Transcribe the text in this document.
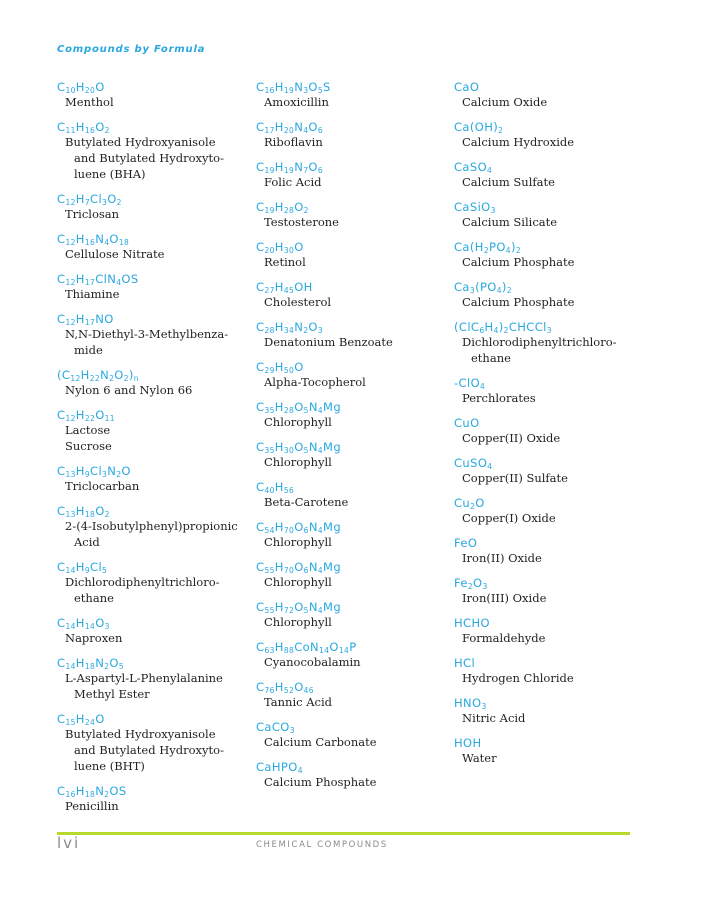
Compounds by Formula
$C_{10}H_{20}O$
Menthol
$C_{11}H_{16}O_2$
Butylated Hydroxyanisole
and Butylated Hydroxyto-
luene (BHA)
$C_{12}H_7Cl_3O_2$
Triclosan
$C_{12}H_{16}N_4O_{18}$
Cellulose Nitrate
$C_{12}H_{17}ClN_4OS$
Thiamine
$C_{12}H_{17}NO$
N,N-Diethyl-3-Methylbenza-
mide
$(C_{12}H_{22}N_2O_2)_n$
Nylon 6 and Nylon 66
$C_{12}H_{22}O_{11}$
Lactose
Sucrose
$C_{13}H_9Cl_3N_2O$
Triclocarban
$C_{13}H_{18}O_2$
2-(4-Isobutylphenyl)propionic
Acid
$C_{14}H_9Cl_5$
Dichlorodiphenyltrichloro-
ethane
$C_{14}H_{14}O_3$
Naproxen
$C_{14}H_{18}N_2O_5$
L-Aspartyl-L-Phenylalanine
Methyl Ester
$C_{15}H_{24}O$
Butylated Hydroxyanisole
and Butylated Hydroxyto-
luene (BHT)
$C_{16}H_{18}N_2OS$
Penicillin
$C_{16}H_{19}N_3O_5S$
Amoxicillin
$C_{17}H_{20}N_4O_6$
Riboflavin
$C_{19}H_{19}N_7O_6$
Folic Acid
$C_{19}H_{28}O_2$
Testosterone
$C_{20}H_{30}O$
Retinol
$C_{27}H_{45}OH$
Cholesterol
$C_{28}H_{34}N_2O_3$
Denatonium Benzoate
$C_{29}H_{50}O$
Alpha-Tocopherol
$C_{35}H_{28}O_5N_4Mg$
Chlorophyll
$C_{35}H_{30}O_5N_4Mg$
Chlorophyll
$C_{40}H_{56}$
Beta-Carotene
$C_{54}H_{70}O_6N_4Mg$
Chlorophyll
$C_{55}H_{70}O_6N_4Mg$
Chlorophyll
$C_{55}H_{72}O_5N_4Mg$
Chlorophyll
$C_{63}H_{88}CoN_{14}O_{14}P$
Cyanocobalamin
$C_{76}H_{52}O_{46}$
Tannic Acid
CaCO$_3$
Calcium Carbonate
CaHPO$_4$
Calcium Phosphate
CaO
Calcium Oxide
$Ca(OH)_2$
Calcium Hydroxide
CaSO$_4$
Calcium Sulfate
CaSiO$_3$
Calcium Silicate
$Ca(H_2PO_4)_2$
Calcium Phosphate
$Ca_3(PO_4)_2$
Calcium Phosphate
$(ClC_6H_4)_2CHCCl_3$
Dichlorodiphenyltrichloro-
ethane
-ClO$_4$
Perchlorates
CuO
Copper(II) Oxide
CuSO$_4$
Copper(II) Sulfate
$Cu_2O$
Copper(I) Oxide
FeO
Iron(II) Oxide
$Fe_2O_3$
Iron(III) Oxide
HCHO
Formaldehyde
HCl
Hydrogen Chloride
$HNO_3$
Nitric Acid
HOH
Water
lvi	CHEMICAL COMPOUNDS
